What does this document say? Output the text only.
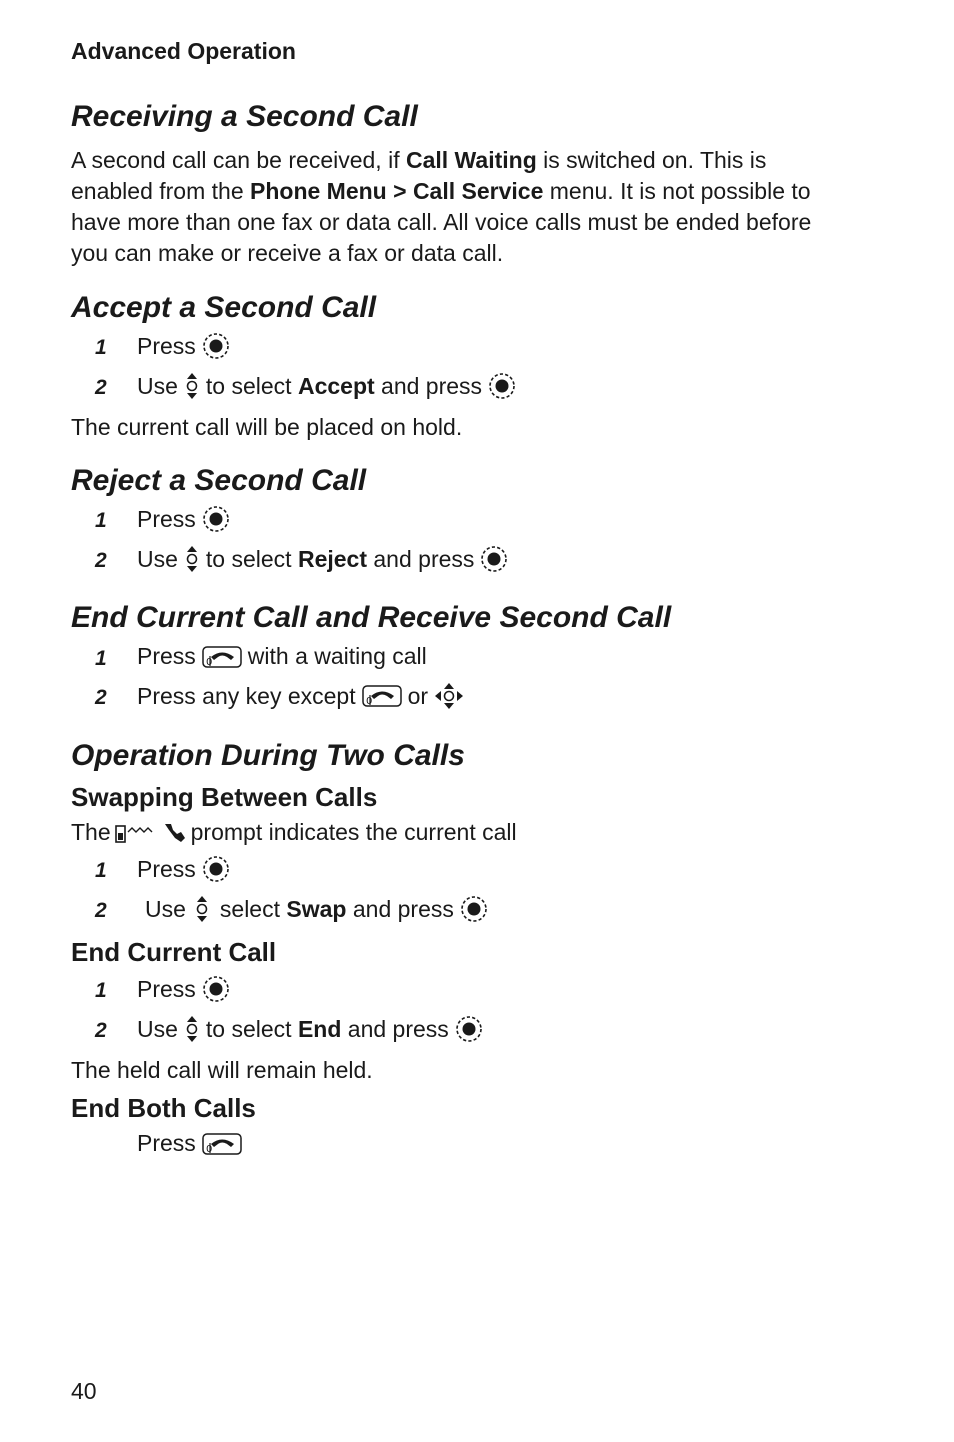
Advanced Operation
Receiving a Second Call
A second call can be received, if Call Waiting is switched on. This is enabled from the Phone Menu > Call Service menu. It is not possible to have more than one fax or data call. All voice calls must be ended before you can make or receive a fax or data call.
Accept a Second Call
1 Press
2 Use to select
Accept
and press
The current call will be placed on hold.
Reject a Second Call
1 Press
2 Use to select
Reject
and press
End Current Call and Receive Second Call
1 Press with a waiting call
2 Press any key except or
Operation During Two Calls
Swapping Between Calls
The	prompt indicates the current call
1 Press
2 Use select
Swap
and press
End Current Call
1 Press
2 Use to select
End
and press
The held call will remain held.
End Both Calls
Press
40
